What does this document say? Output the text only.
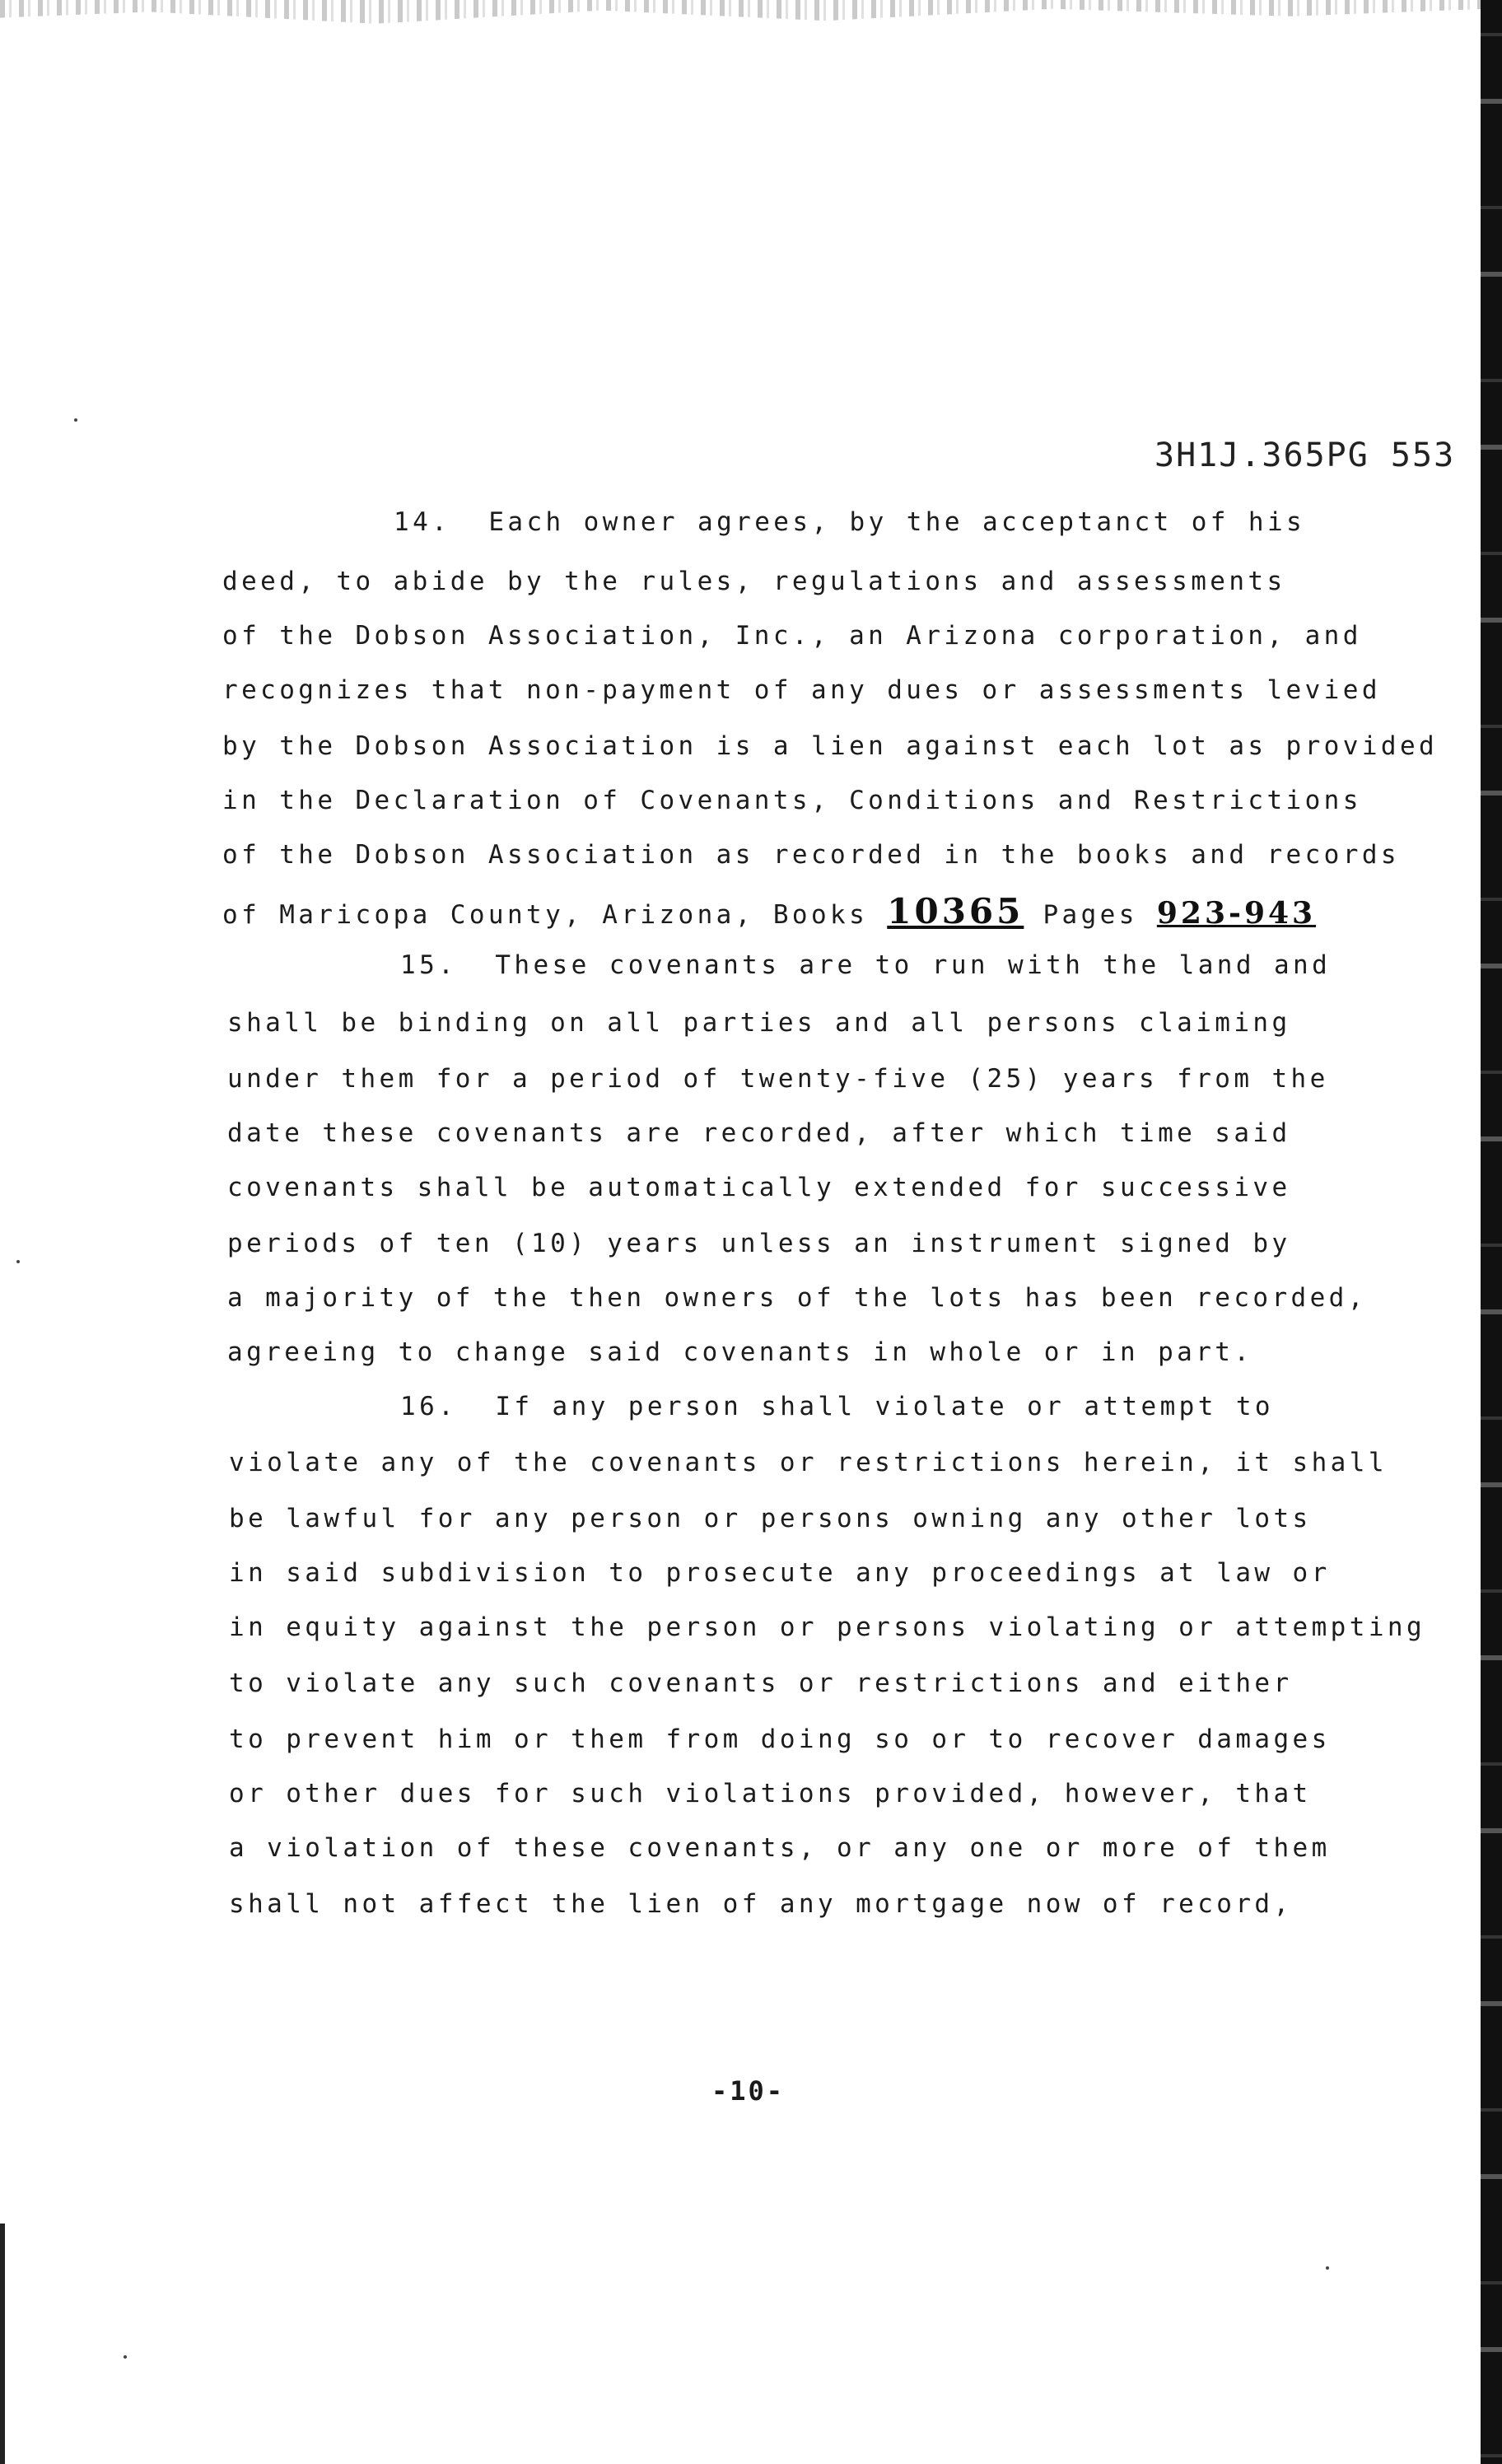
3H1J.365PG 553
14. Each owner agrees, by the acceptanct of his
deed, to abide by the rules, regulations and assessments
of the Dobson Association, Inc., an Arizona corporation, and
recognizes that non-payment of any dues or assessments levied
by the Dobson Association is a lien against each lot as provided
in the Declaration of Covenants, Conditions and Restrictions
of the Dobson Association as recorded in the books and records
of Maricopa County, Arizona, Books 10365 Pages 923-943
15. These covenants are to run with the land and
shall be binding on all parties and all persons claiming
under them for a period of twenty-five (25) years from the
date these covenants are recorded, after which time said
covenants shall be automatically extended for successive
periods of ten (10) years unless an instrument signed by
a majority of the then owners of the lots has been recorded,
agreeing to change said covenants in whole or in part.
16. If any person shall violate or attempt to
violate any of the covenants or restrictions herein, it shall
be lawful for any person or persons owning any other lots
in said subdivision to prosecute any proceedings at law or
in equity against the person or persons violating or attempting
to violate any such covenants or restrictions and either
to prevent him or them from doing so or to recover damages
or other dues for such violations provided, however, that
a violation of these covenants, or any one or more of them
shall not affect the lien of any mortgage now of record,
-10-
